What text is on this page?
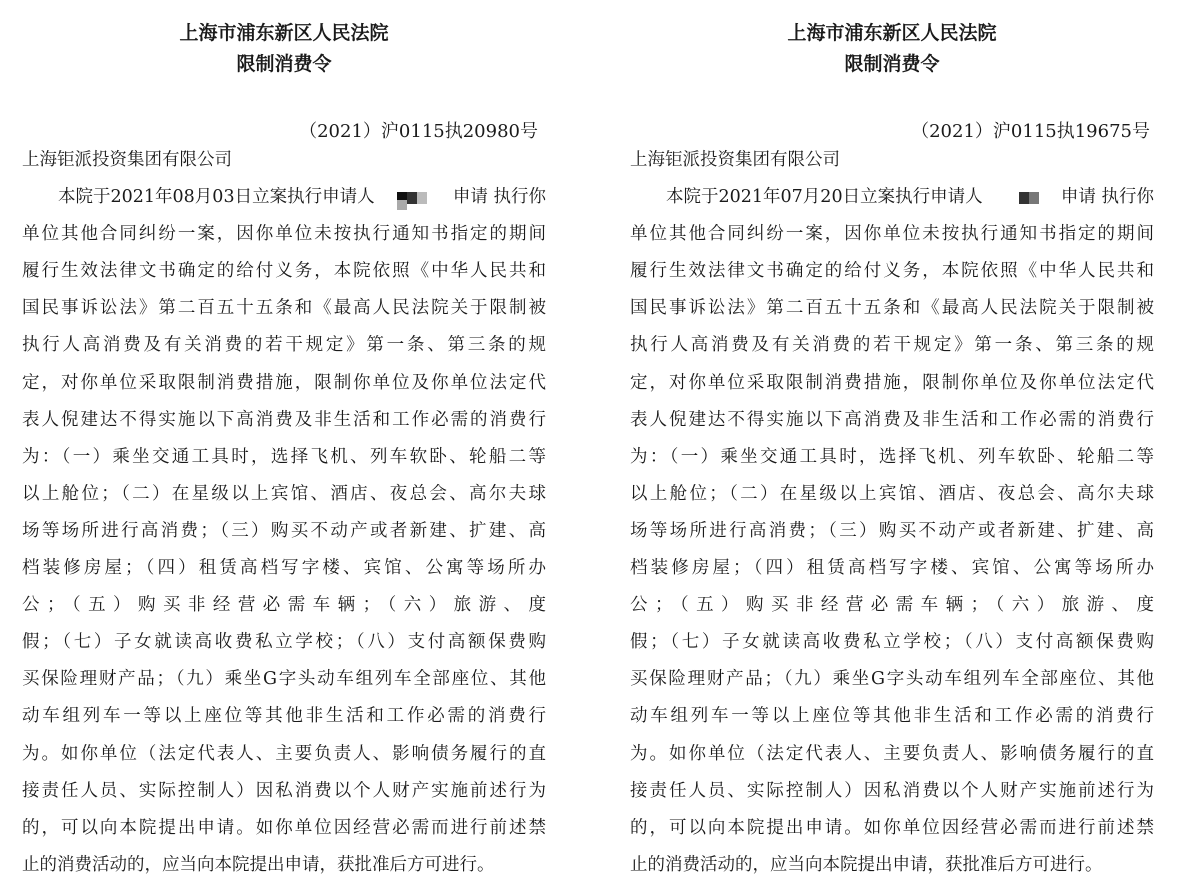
上海市浦东新区人民法院
限制消费令
（2021）沪0115执20980号
上海钜派投资集团有限公司
本院于2021年08月03日立案执行申请人	申请 执行你
单位其他合同纠纷一案，因你单位未按执行通知书指定的期间
履行生效法律文书确定的给付义务，本院依照《中华人民共和
国民事诉讼法》第二百五十五条和《最高人民法院关于限制被
执行人高消费及有关消费的若干规定》第一条、第三条的规
定，对你单位采取限制消费措施，限制你单位及你单位法定代
表人倪建达不得实施以下高消费及非生活和工作必需的消费行
为：（一）乘坐交通工具时，选择飞机、列车软卧、轮船二等
以上舱位；（二）在星级以上宾馆、酒店、夜总会、高尔夫球
场等场所进行高消费；（三）购买不动产或者新建、扩建、高
档装修房屋；（四）租赁高档写字楼、宾馆、公寓等场所办
公；（五）购买非经营必需车辆；（六）旅游、度
假；（七）子女就读高收费私立学校；（八）支付高额保费购
买保险理财产品；（九）乘坐G字头动车组列车全部座位、其他
动车组列车一等以上座位等其他非生活和工作必需的消费行
为。如你单位（法定代表人、主要负责人、影响债务履行的直
接责任人员、实际控制人）因私消费以个人财产实施前述行为
的，可以向本院提出申请。如你单位因经营必需而进行前述禁
止的消费活动的，应当向本院提出申请，获批准后方可进行。
上海市浦东新区人民法院
限制消费令
（2021）沪0115执19675号
上海钜派投资集团有限公司
本院于2021年07月20日立案执行申请人	申请 执行你
单位其他合同纠纷一案，因你单位未按执行通知书指定的期间
履行生效法律文书确定的给付义务，本院依照《中华人民共和
国民事诉讼法》第二百五十五条和《最高人民法院关于限制被
执行人高消费及有关消费的若干规定》第一条、第三条的规
定，对你单位采取限制消费措施，限制你单位及你单位法定代
表人倪建达不得实施以下高消费及非生活和工作必需的消费行
为：（一）乘坐交通工具时，选择飞机、列车软卧、轮船二等
以上舱位；（二）在星级以上宾馆、酒店、夜总会、高尔夫球
场等场所进行高消费；（三）购买不动产或者新建、扩建、高
档装修房屋；（四）租赁高档写字楼、宾馆、公寓等场所办
公；（五）购买非经营必需车辆；（六）旅游、度
假；（七）子女就读高收费私立学校；（八）支付高额保费购
买保险理财产品；（九）乘坐G字头动车组列车全部座位、其他
动车组列车一等以上座位等其他非生活和工作必需的消费行
为。如你单位（法定代表人、主要负责人、影响债务履行的直
接责任人员、实际控制人）因私消费以个人财产实施前述行为
的，可以向本院提出申请。如你单位因经营必需而进行前述禁
止的消费活动的，应当向本院提出申请，获批准后方可进行。
